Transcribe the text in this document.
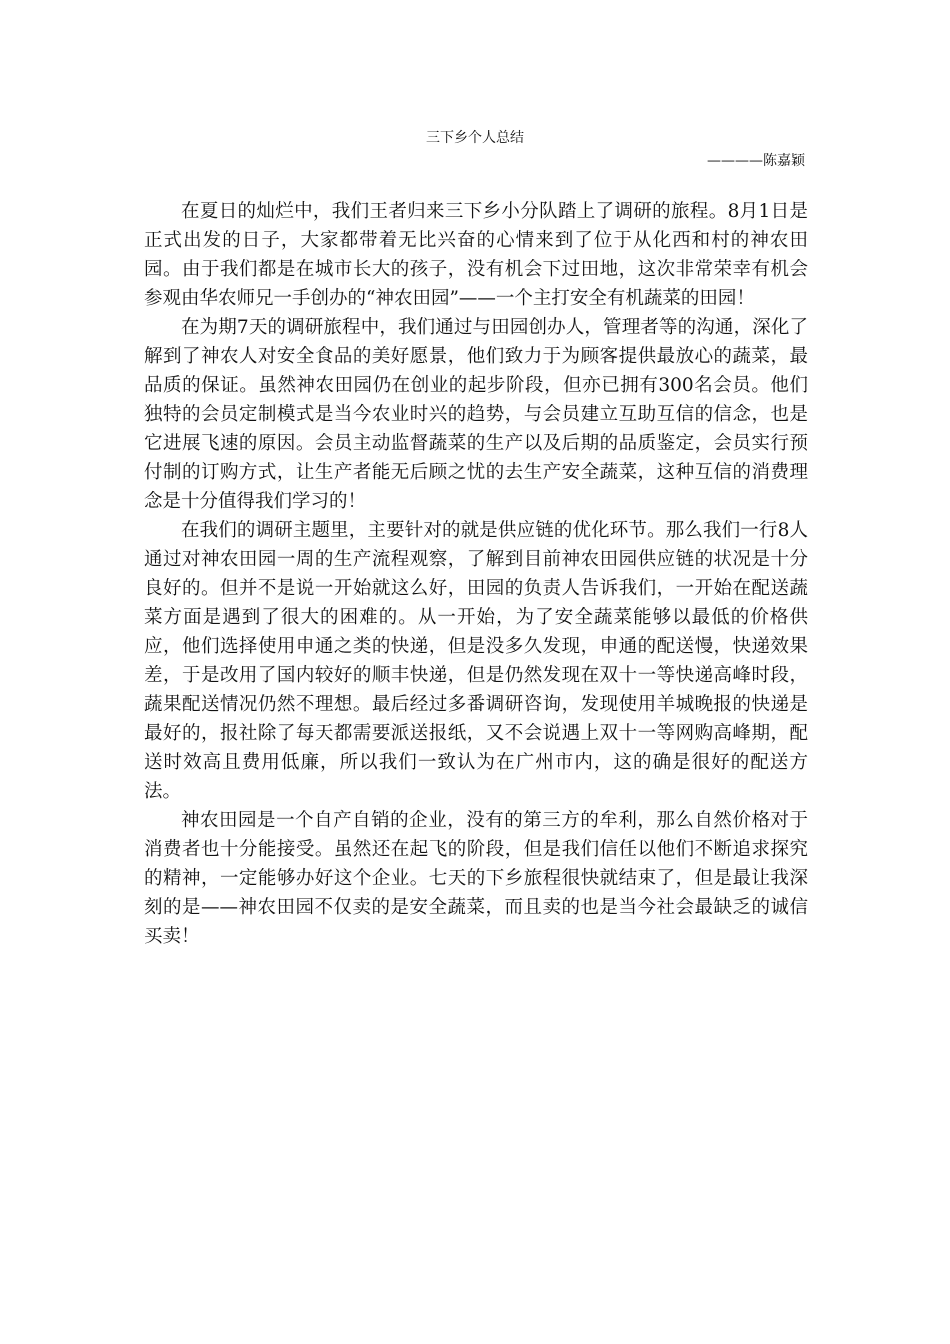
三下乡个人总结
————陈嘉颖

在夏日的灿烂中，我们王者归来三下乡小分队踏上了调研的旅程。8月1日是正式出发的日子，大家都带着无比兴奋的心情来到了位于从化西和村的神农田园。由于我们都是在城市长大的孩子，没有机会下过田地，这次非常荣幸有机会参观由华农师兄一手创办的“神农田园”——一个主打安全有机蔬菜的田园！

在为期7天的调研旅程中，我们通过与田园创办人，管理者等的沟通，深化了解到了神农人对安全食品的美好愿景，他们致力于为顾客提供最放心的蔬菜，最品质的保证。虽然神农田园仍在创业的起步阶段，但亦已拥有300名会员。他们独特的会员定制模式是当今农业时兴的趋势，与会员建立互助互信的信念，也是它进展飞速的原因。会员主动监督蔬菜的生产以及后期的品质鉴定，会员实行预付制的订购方式，让生产者能无后顾之忧的去生产安全蔬菜，这种互信的消费理念是十分值得我们学习的！

在我们的调研主题里，主要针对的就是供应链的优化环节。那么我们一行8人通过对神农田园一周的生产流程观察，了解到目前神农田园供应链的状况是十分良好的。但并不是说一开始就这么好，田园的负责人告诉我们，一开始在配送蔬菜方面是遇到了很大的困难的。从一开始，为了安全蔬菜能够以最低的价格供应，他们选择使用申通之类的快递，但是没多久发现，申通的配送慢，快递效果差，于是改用了国内较好的顺丰快递，但是仍然发现在双十一等快递高峰时段，蔬果配送情况仍然不理想。最后经过多番调研咨询，发现使用羊城晚报的快递是最好的，报社除了每天都需要派送报纸，又不会说遇上双十一等网购高峰期，配送时效高且费用低廉，所以我们一致认为在广州市内，这的确是很好的配送方法。

神农田园是一个自产自销的企业，没有的第三方的牟利，那么自然价格对于消费者也十分能接受。虽然还在起飞的阶段，但是我们信任以他们不断追求探究的精神，一定能够办好这个企业。七天的下乡旅程很快就结束了，但是最让我深刻的是——神农田园不仅卖的是安全蔬菜，而且卖的也是当今社会最缺乏的诚信买卖！
